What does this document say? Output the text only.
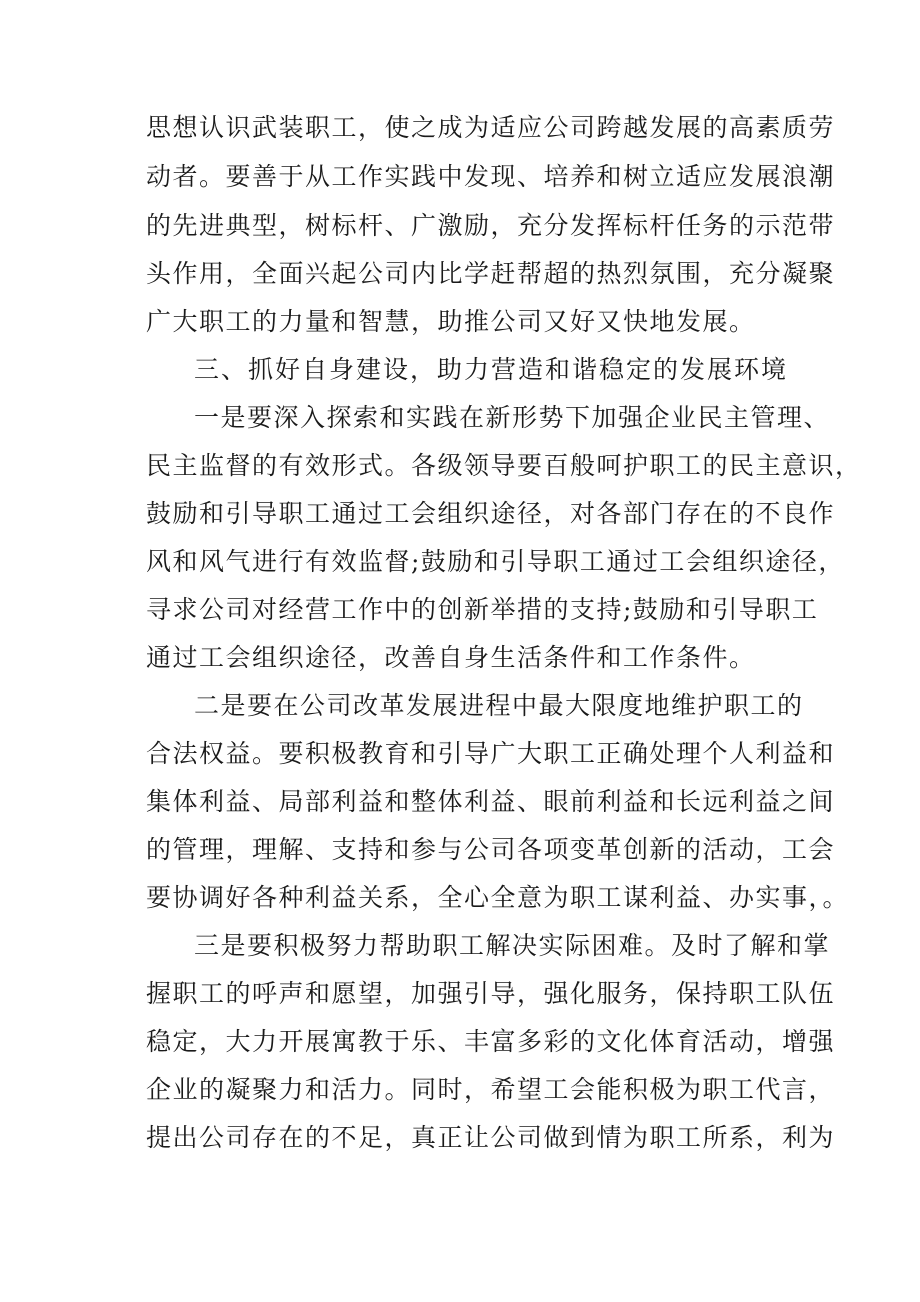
思想认识武装职工，使之成为适应公司跨越发展的高素质劳
动者。要善于从工作实践中发现、培养和树立适应发展浪潮
的先进典型，树标杆、广激励，充分发挥标杆任务的示范带
头作用，全面兴起公司内比学赶帮超的热烈氛围，充分凝聚
广大职工的力量和智慧，助推公司又好又快地发展。
三、抓好自身建设，助力营造和谐稳定的发展环境
一是要深入探索和实践在新形势下加强企业民主管理、
民主监督的有效形式。各级领导要百般呵护职工的民主意识，
鼓励和引导职工通过工会组织途径，对各部门存在的不良作
风和风气进行有效监督;鼓励和引导职工通过工会组织途径，
寻求公司对经营工作中的创新举措的支持;鼓励和引导职工
通过工会组织途径，改善自身生活条件和工作条件。
二是要在公司改革发展进程中最大限度地维护职工的
合法权益。要积极教育和引导广大职工正确处理个人利益和
集体利益、局部利益和整体利益、眼前利益和长远利益之间
的管理，理解、支持和参与公司各项变革创新的活动，工会
要协调好各种利益关系，全心全意为职工谋利益、办实事，。
三是要积极努力帮助职工解决实际困难。及时了解和掌
握职工的呼声和愿望，加强引导，强化服务，保持职工队伍
稳定，大力开展寓教于乐、丰富多彩的文化体育活动，增强
企业的凝聚力和活力。同时，希望工会能积极为职工代言，
提出公司存在的不足，真正让公司做到情为职工所系，利为
